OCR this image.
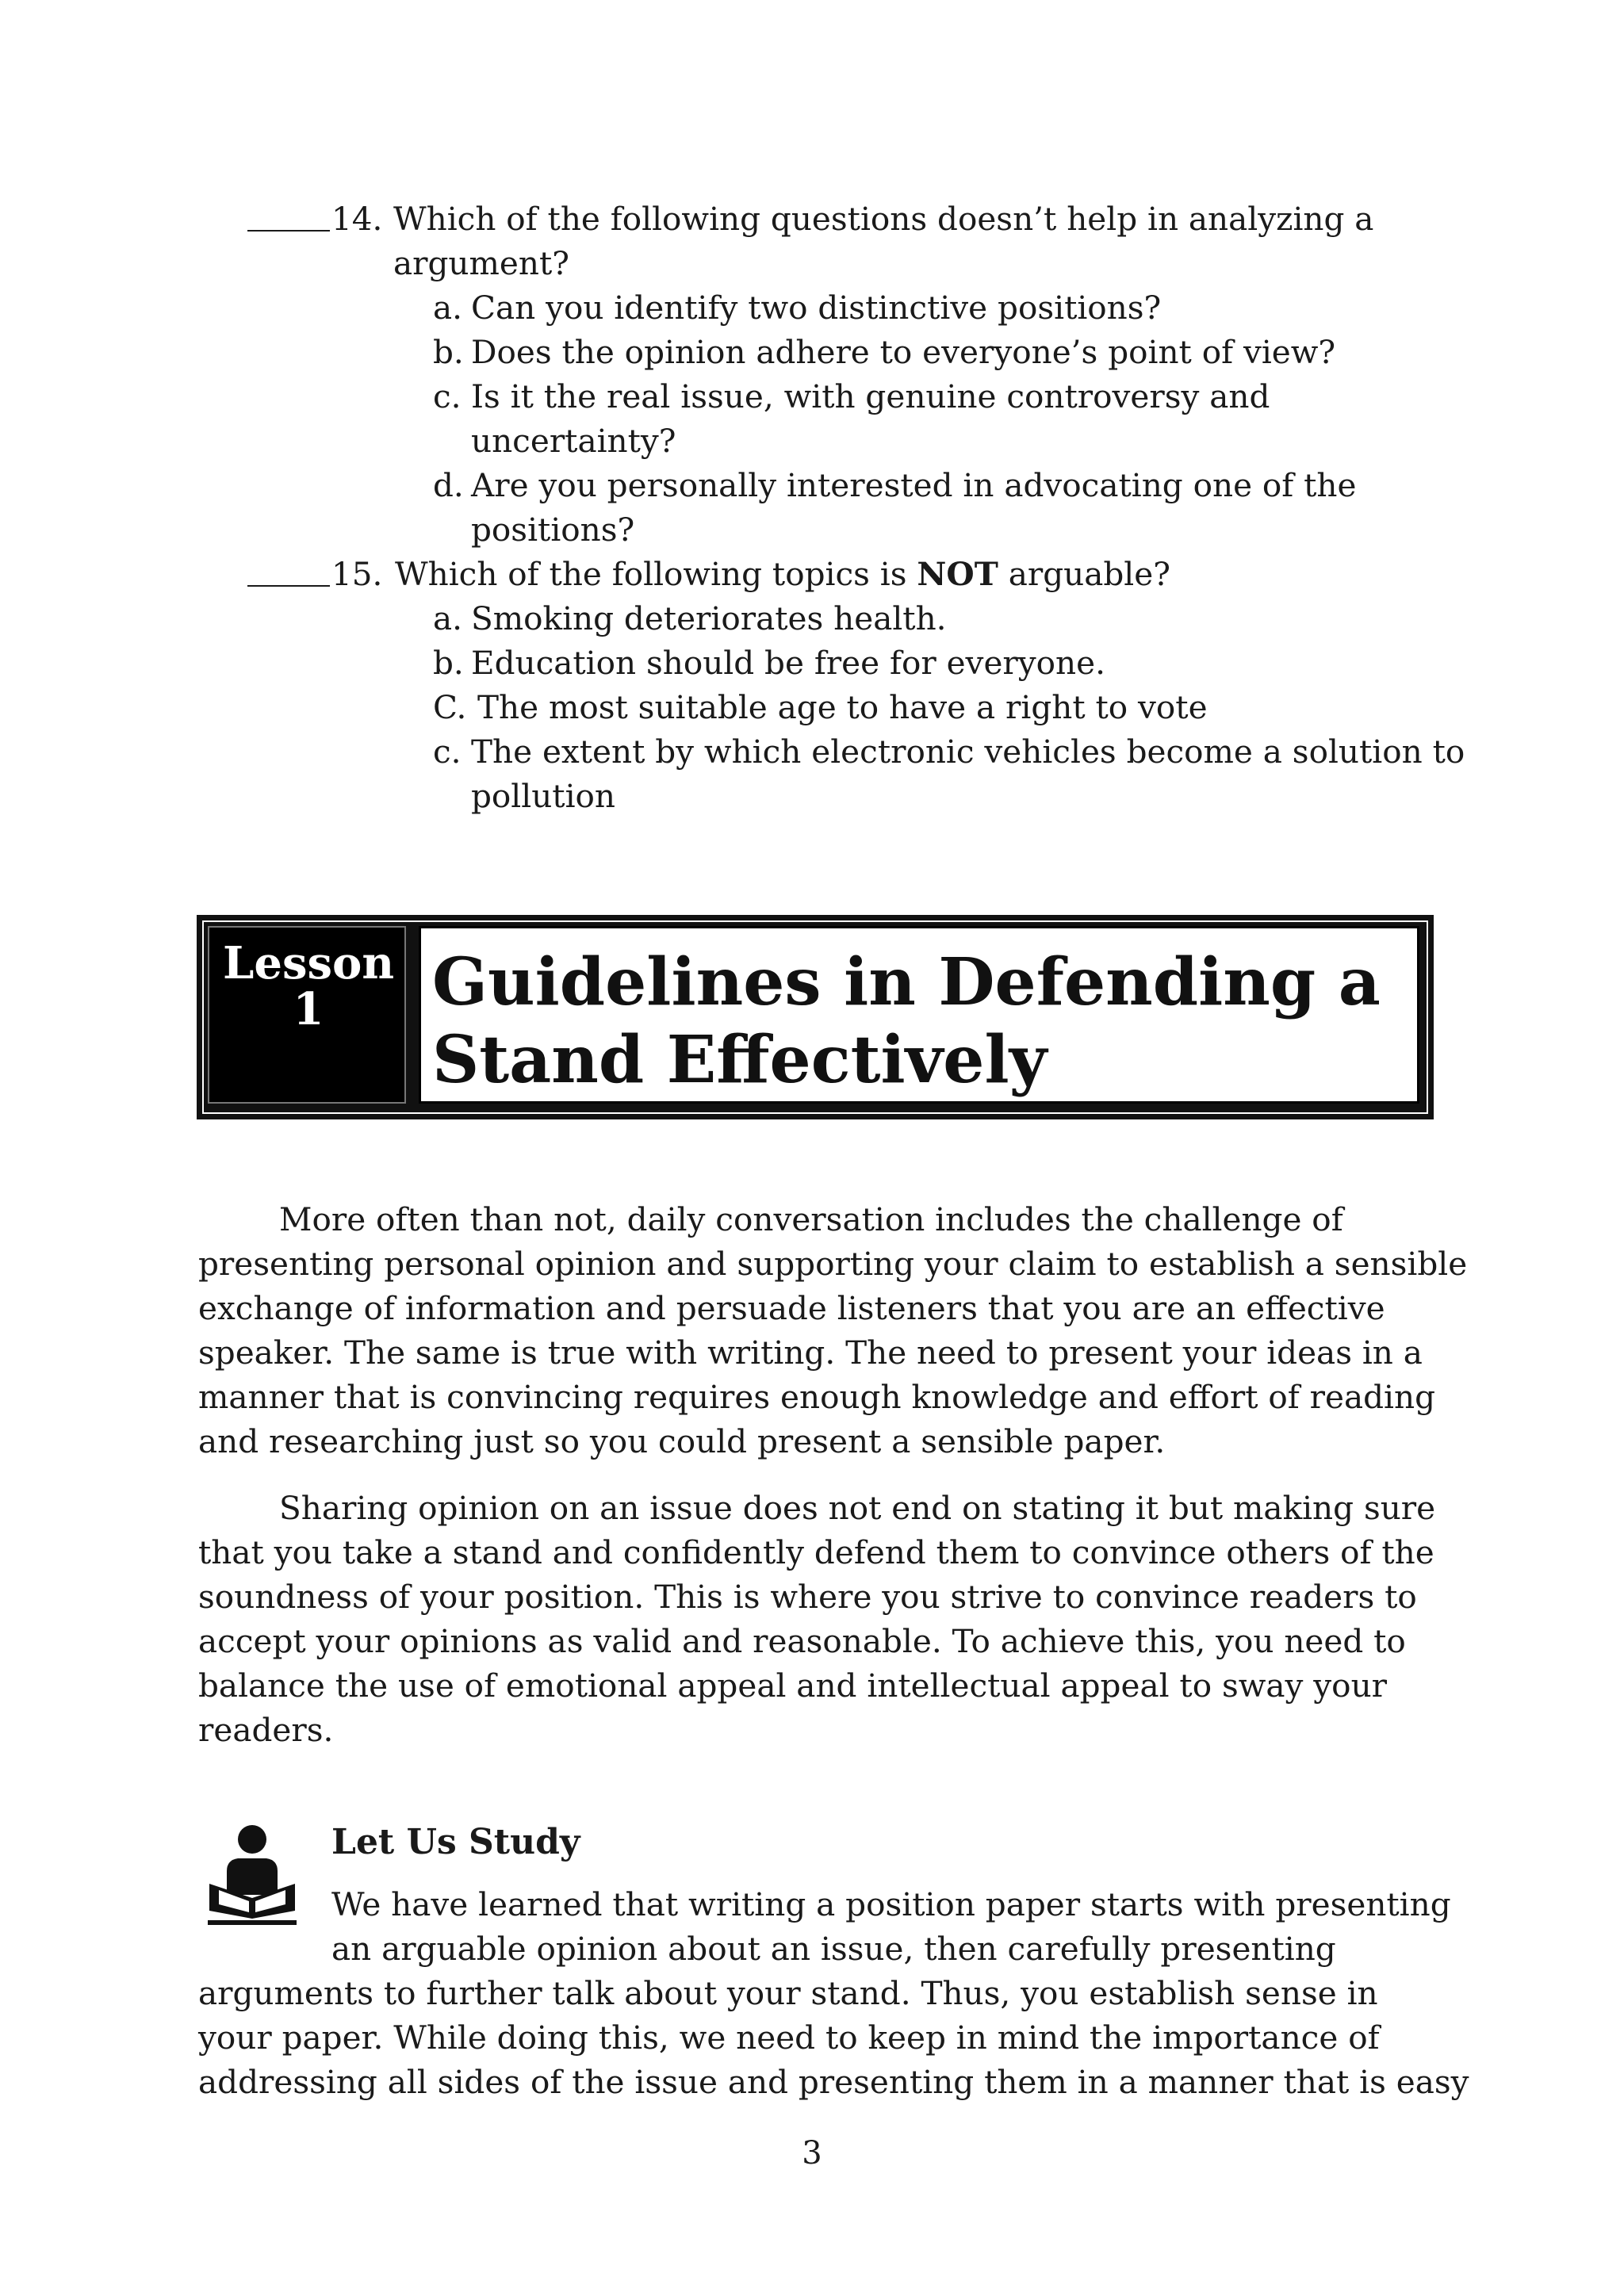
14. Which of the following questions doesn’t help in analyzing a
argument?
a. Can you identify two distinctive positions?
b. Does the opinion adhere to everyone’s point of view?
c. Is it the real issue, with genuine controversy and
uncertainty?
d. Are you personally interested in advocating one of the
positions?
15. Which of the following topics is NOT arguable?
a. Smoking deteriorates health.
b. Education should be free for everyone.
C. The most suitable age to have a right to vote
c. The extent by which electronic vehicles become a solution to
pollution
Lesson
1	Guidelines in Defending a
Stand Effectively
More often than not, daily conversation includes the challenge of
presenting personal opinion and supporting your claim to establish a sensible
exchange of information and persuade listeners that you are an effective
speaker. The same is true with writing. The need to present your ideas in a
manner that is convincing requires enough knowledge and effort of reading
and researching just so you could present a sensible paper.
Sharing opinion on an issue does not end on stating it but making sure
that you take a stand and confidently defend them to convince others of the
soundness of your position. This is where you strive to convince readers to
accept your opinions as valid and reasonable. To achieve this, you need to
balance the use of emotional appeal and intellectual appeal to sway your
readers.
Let Us Study
We have learned that writing a position paper starts with presenting
an arguable opinion about an issue, then carefully presenting
arguments to further talk about your stand. Thus, you establish sense in
your paper. While doing this, we need to keep in mind the importance of
addressing all sides of the issue and presenting them in a manner that is easy
3
